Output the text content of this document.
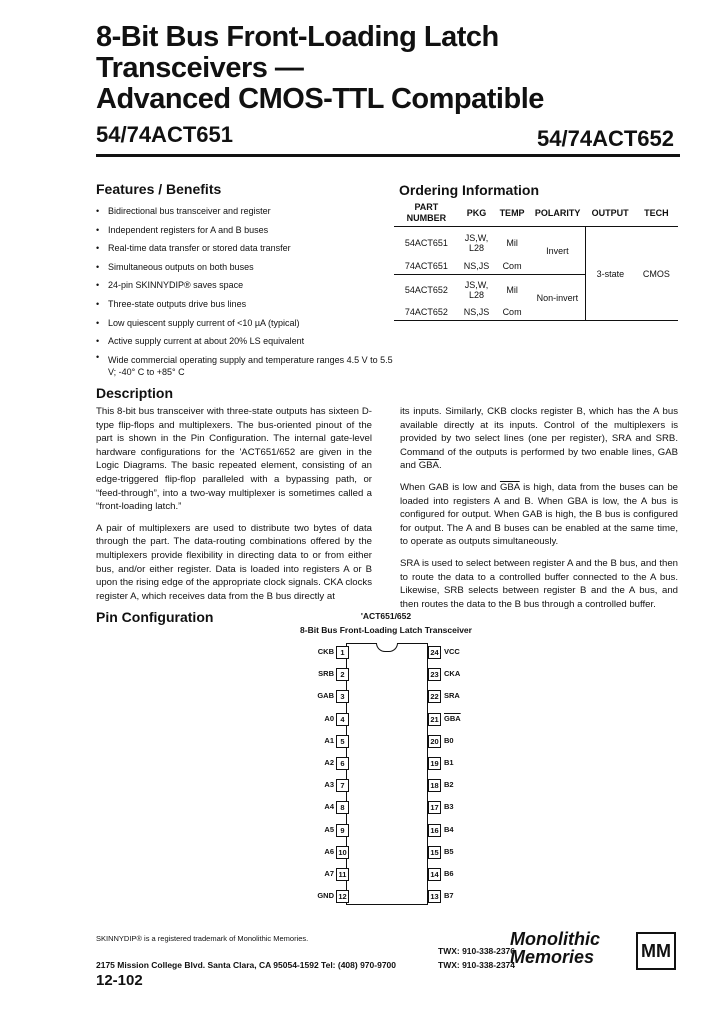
8-Bit Bus Front-Loading Latch
Transceivers —
Advanced CMOS-TTL Compatible
54/74ACT651	54/74ACT652
Features / Benefits
• Bidirectional bus transceiver and register
• Independent registers for A and B buses
• Real-time data transfer or stored data transfer
• Simultaneous outputs on both buses
• 24-pin SKINNYDIP® saves space
• Three-state outputs drive bus lines
• Low quiescent supply current of <10 µA (typical)
• Active supply current at about 20% LS equivalent
• Wide commercial operating supply and temperature ranges 4.5 V to 5.5 V; -40° C to +85° C
Ordering Information
PART NUMBER	PKG	TEMP	POLARITY	OUTPUT	TECH
54ACT651	JS,W, L28	Mil	Invert	3-state	CMOS
74ACT651	NS,JS	Com			
54ACT652	JS,W, L28	Mil	Non-invert		
74ACT652	NS,JS	Com			
Description

This 8-bit bus transceiver with three-state outputs has sixteen D-type flip-flops and multiplexers. The bus-oriented pinout of the part is shown in the Pin Configuration. The internal gate-level hardware configurations for the 'ACT651/652 are given in the Logic Diagrams. The basic repeated element, consisting of an edge-triggered flip-flop paralleled with a bypassing path, or “feed-through”, into a two-way multiplexer is sometimes called a “front-loading latch.”

A pair of multiplexers are used to distribute two bytes of data through the part. The data-routing combinations offered by the multiplexers provide flexibility in directing data to or from either bus, and/or either register. Data is loaded into registers A or B upon the rising edge of the appropriate clock signals. CKA clocks register A, which receives data from the B bus directly at

its inputs. Similarly, CKB clocks register B, which has the A bus available directly at its inputs. Control of the multiplexers is provided by two select lines (one per register), SRA and SRB. Command of the outputs is performed by two enable lines, GAB and $\overline{GBA}$.

When GAB is low and $\overline{GBA}$ is high, data from the buses can be loaded into registers A and B. When GBA is low, the A bus is configured for output. When GAB is high, the B bus is configured for output. The A and B buses can be enabled at the same time, to operate as outputs simultaneously.

SRA is used to select between register A and the B bus, and then to route the data to a controlled buffer connected to the A bus. Likewise, SRB selects between register B and the A bus, and then routes the data to the B bus through a controlled buffer.

Pin Configuration	'ACT651/652
8-Bit Bus Front-Loading Latch Transceiver
CKB 1	24 VCC
SRB 2	23 CKA
GAB 3	22 SRA
A0 4	21 $\overline{GBA}$
A1 5	20 B0
A2 6	19 B1
A3 7	18 B2
A4 8	17 B3
A5 9	16 B4
A6 10	15 B5
A7 11	14 B6
GND 12	13 B7
SKINNYDIP® is a registered trademark of Monolithic Memories.
TWX: 910-338-2376
2175 Mission College Blvd. Santa Clara, CA 95054-1592 Tel: (408) 970-9700	TWX: 910-338-2374
Monolithic
Memories	MM
12-102
